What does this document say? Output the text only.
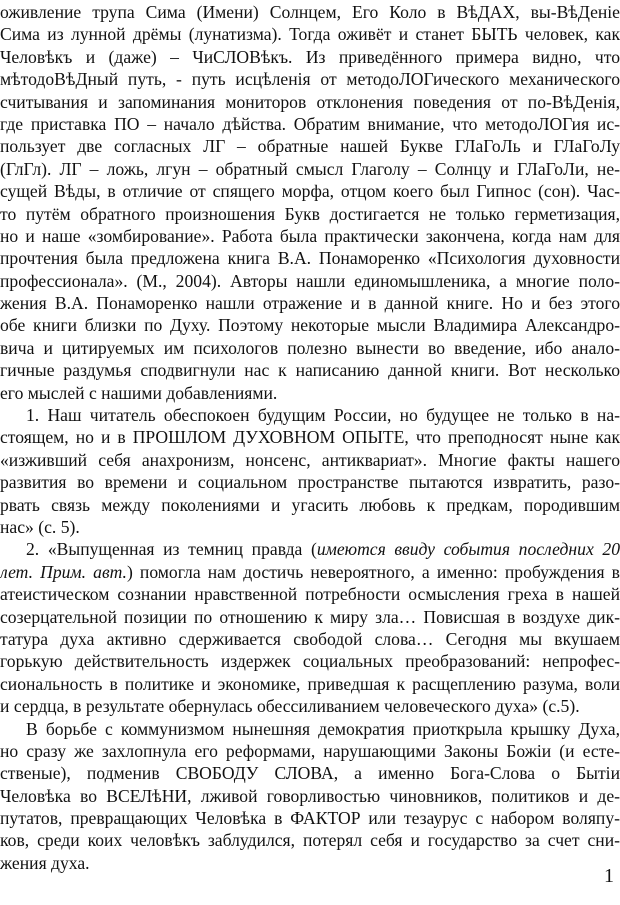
оживление трупа Сима (Имени) Солнцем, Его Коло в ВѣДАХ, вы-ВѣДеніе
Сима из лунной дрёмы (лунатизма). Тогда оживёт и станет БЫТЬ человек, как
Человѣкъ и (даже) – ЧиСЛОВѣкъ. Из приведённого примера видно, что
мѣтодоВѣДный путь, - путь исцѣленія от методоЛОГического механического
считывания и запоминания мониторов отклонения поведения от по-ВѣДенія,
где приставка ПО – начало дѣйства. Обратим внимание, что методоЛОГия ис-
пользует две согласных ЛГ – обратные нашей Букве ГЛаГоЛь и ГЛаГоЛу
(ГлГл). ЛГ – ложь, лгун – обратный смысл Глаголу – Солнцу и ГЛаГоЛи, не-
сущей Вѣды, в отличие от спящего морфа, отцом коего был Гипнос (сон). Час-
то путём обратного произношения Букв достигается не только герметизация,
но и наше «зомбирование». Работа была практически закончена, когда нам для
прочтения была предложена книга В.А. Понаморенко «Психология духовности
профессионала». (М., 2004). Авторы нашли единомышленика, а многие поло-
жения В.А. Понаморенко нашли отражение и в данной книге. Но и без этого
обе книги близки по Духу. Поэтому некоторые мысли Владимира Александро-
вича и цитируемых им психологов полезно вынести во введение, ибо анало-
гичные раздумья сподвигнули нас к написанию данной книги. Вот несколько
его мыслей с нашими добавлениями.
1. Наш читатель обеспокоен будущим России, но будущее не только в на-
стоящем, но и в ПРОШЛОМ ДУХОВНОМ ОПЫТЕ, что преподносят ныне как
«изживший себя анахронизм, нонсенс, антиквариат». Многие факты нашего
развития во времени и социальном пространстве пытаются извратить, разо-
рвать связь между поколениями и угасить любовь к предкам, породившим
нас» (с. 5).
2. «Выпущенная из темниц правда (имеются ввиду события последних 20
лет. Прим. авт.) помогла нам достичь невероятного, а именно: пробуждения в
атеистическом сознании нравственной потребности осмысления греха в нашей
созерцательной позиции по отношению к миру зла… Повисшая в воздухе дик-
татура духа активно сдерживается свободой слова… Сегодня мы вкушаем
горькую действительность издержек социальных преобразований: непрофес-
сиональность в политике и экономике, приведшая к расщеплению разума, воли
и сердца, в результате обернулась обессиливанием человеческого духа» (с.5).
В борьбе с коммунизмом нынешняя демократия приоткрыла крышку Духа,
но сразу же захлопнула его реформами, нарушающими Законы Божіи (и есте-
ственые), подменив СВОБОДУ СЛОВА, а именно Бога-Слова о Бытіи
Человѣка во ВСЕЛѣНИ, лживой говорливостью чиновников, политиков и де-
путатов, превращающих Человѣка в ФАКТОР или тезаурус с набором воляпу-
ков, среди коих человѣкъ заблудился, потерял себя и государство за счет сни-
жения духа.
1
